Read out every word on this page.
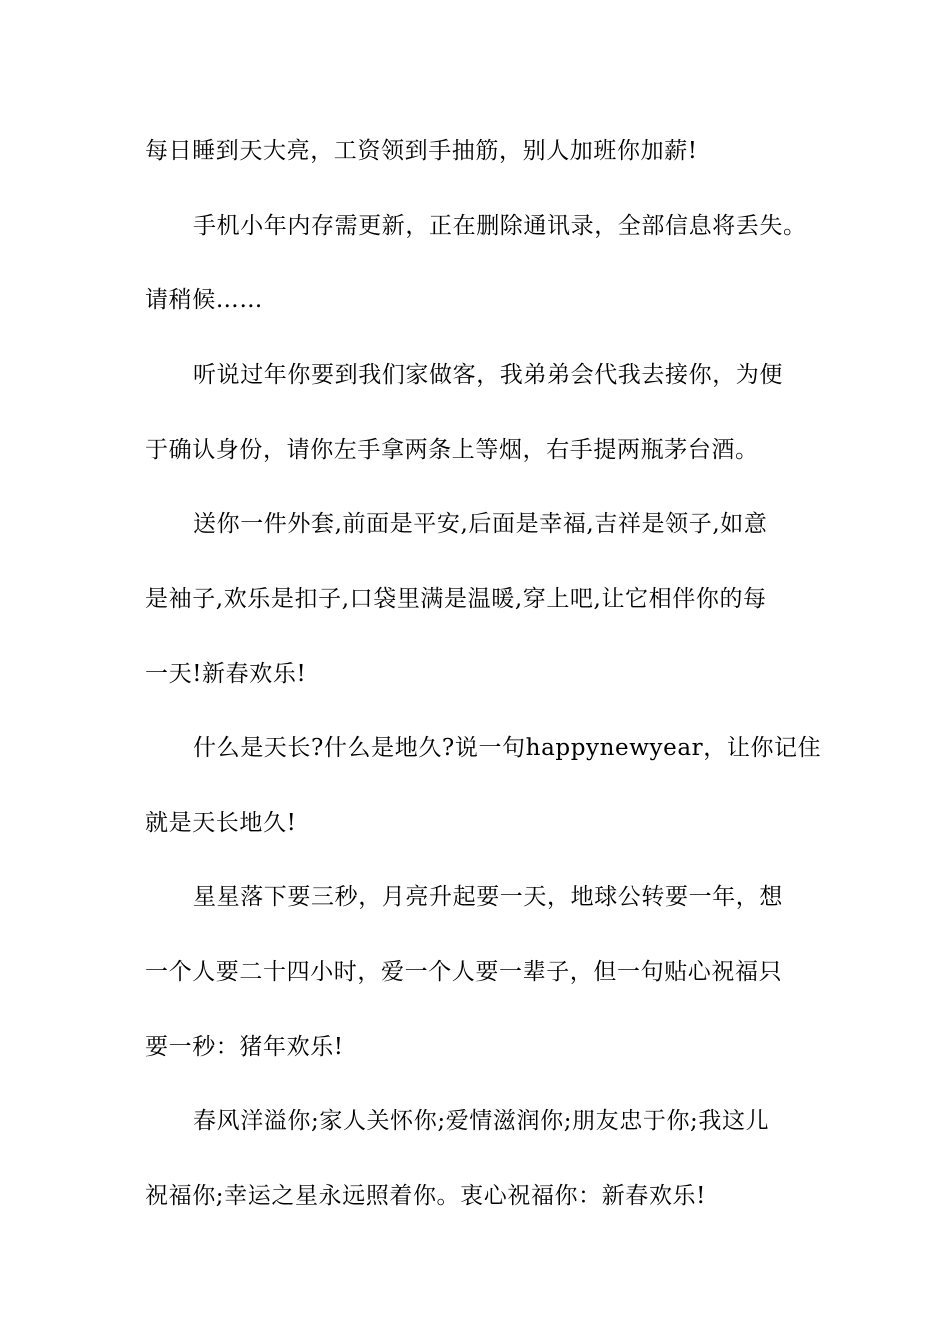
每日睡到天大亮，工资领到手抽筋，别人加班你加薪!
手机小年内存需更新，正在删除通讯录，全部信息将丢失。
请稍候……
听说过年你要到我们家做客，我弟弟会代我去接你，为便
于确认身份，请你左手拿两条上等烟，右手提两瓶茅台酒。
送你一件外套,前面是平安,后面是幸福,吉祥是领子,如意
是袖子,欢乐是扣子,口袋里满是温暖,穿上吧,让它相伴你的每
一天!新春欢乐!
什么是天长?什么是地久?说一句happynewyear，让你记住
就是天长地久!
星星落下要三秒，月亮升起要一天，地球公转要一年，想
一个人要二十四小时，爱一个人要一辈子，但一句贴心祝福只
要一秒：猪年欢乐!
春风洋溢你;家人关怀你;爱情滋润你;朋友忠于你;我这儿
祝福你;幸运之星永远照着你。衷心祝福你：新春欢乐!
